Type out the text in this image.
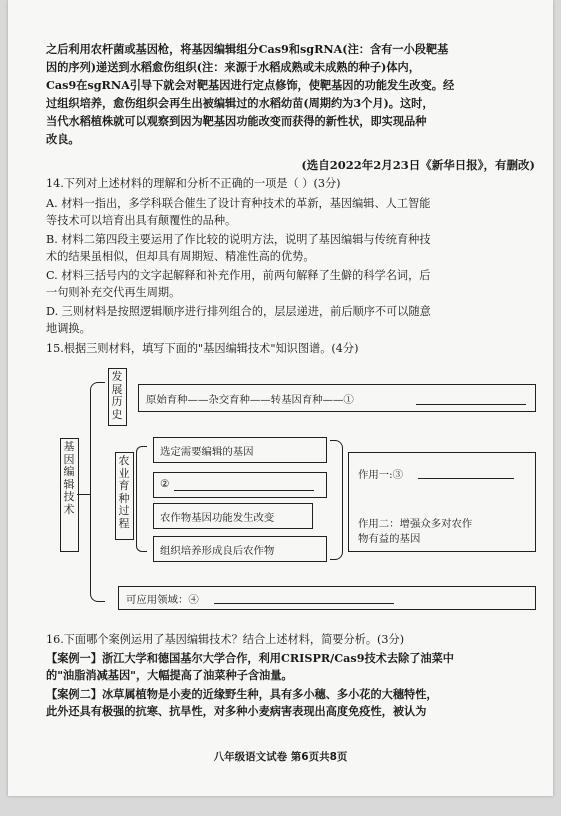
之后利用农杆菌或基因枪，将基因编辑组分Cas9和sgRNA(注：含有一小段靶基
因的序列)递送到水稻愈伤组织(注：来源于水稻成熟或未成熟的种子)体内，
Cas9在sgRNA引导下就会对靶基因进行定点修饰，使靶基因的功能发生改变。经
过组织培养，愈伤组织会再生出被编辑过的水稻幼苗(周期约为3个月)。这时，
当代水稻植株就可以观察到因为靶基因功能改变而获得的新性状，即实现品种
改良。
(选自2022年2月23日《新华日报》，有删改)
14.下列对上述材料的理解和分析不正确的一项是（ ）(3分)
A. 材料一指出，多学科联合催生了设计育种技术的革新，基因编辑、人工智能
等技术可以培育出具有颠覆性的品种。
B. 材料二第四段主要运用了作比较的说明方法，说明了基因编辑与传统育种技
术的结果虽相似，但却具有周期短、精准性高的优势。
C. 材料三括号内的文字起解释和补充作用，前两句解释了生僻的科学名词，后
一句则补充交代再生周期。
D. 三则材料是按照逻辑顺序进行排列组合的，层层递进，前后顺序不可以随意
地调换。
15.根据三则材料，填写下面的"基因编辑技术"知识图谱。(4分)
基因编辑技术
发展历史
原始育种——杂交育种——转基因育种——①
农业育种过程
选定需要编辑的基因
②
农作物基因功能发生改变
组织培养形成良后农作物
作用一:③
作用二：增强众多对农作
物有益的基因
可应用领域：④
16.下面哪个案例运用了基因编辑技术？结合上述材料，简要分析。(3分)
【案例一】浙江大学和德国基尔大学合作，利用CRISPR/Cas9技术去除了油菜中
的"油脂消减基因"，大幅提高了油菜种子含油量。
【案例二】冰草属植物是小麦的近缘野生种，具有多小穗、多小花的大穗特性，
此外还具有极强的抗寒、抗旱性，对多种小麦病害表现出高度免疫性，被认为
八年级语文试卷 第6页共8页
